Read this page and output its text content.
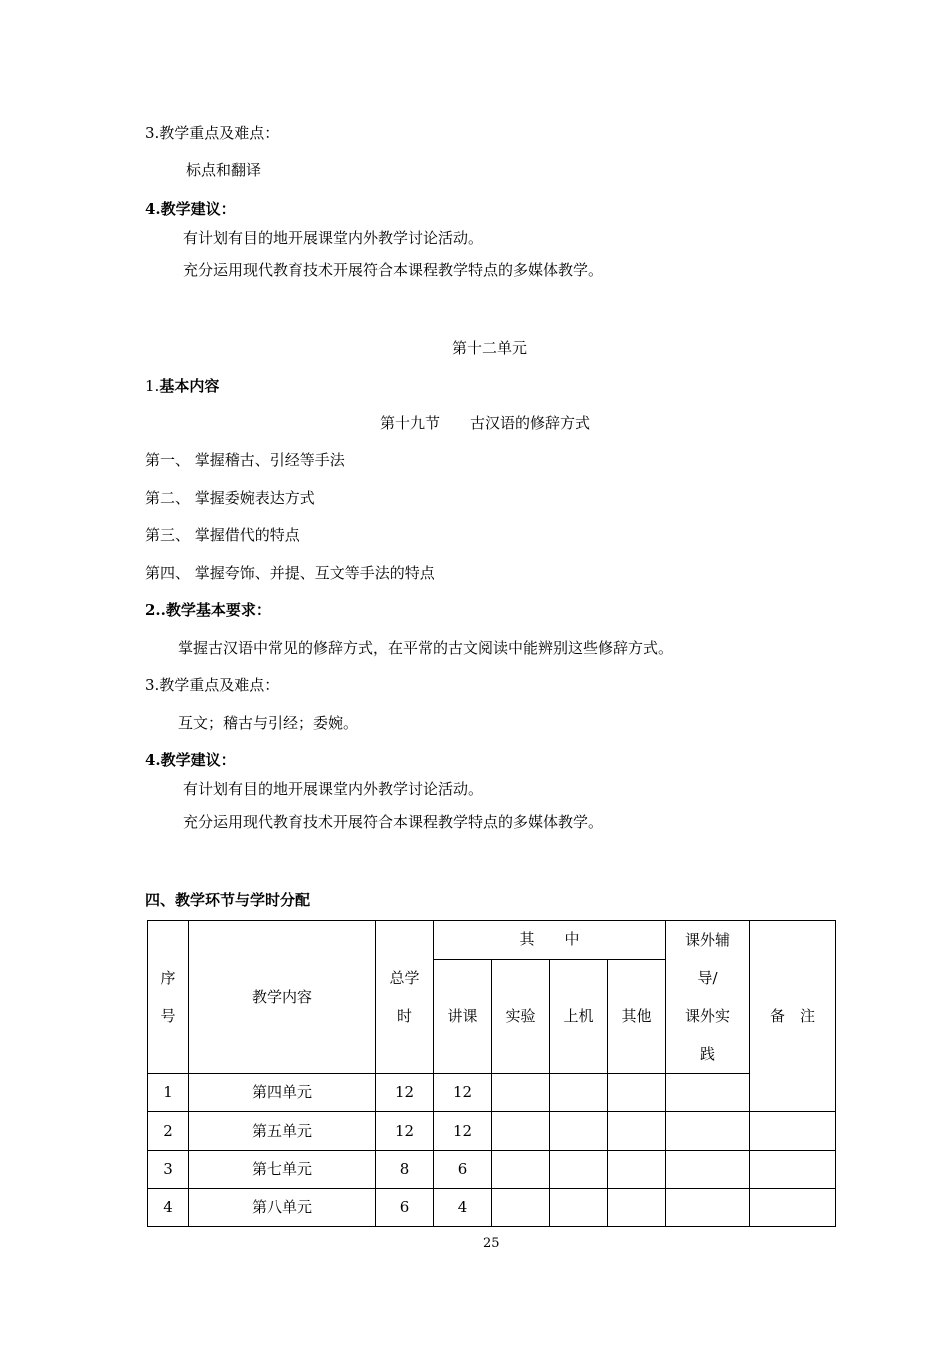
3.教学重点及难点：
标点和翻译
4.教学建议：
有计划有目的地开展课堂内外教学讨论活动。
充分运用现代教育技术开展符合本课程教学特点的多媒体教学。
第十二单元
1.基本内容
第十九节　　古汉语的修辞方式
第一、 掌握稽古、引经等手法
第二、 掌握委婉表达方式
第三、 掌握借代的特点
第四、 掌握夸饰、并提、互文等手法的特点
2..教学基本要求：
掌握古汉语中常见的修辞方式，在平常的古文阅读中能辨别这些修辞方式。
3.教学重点及难点：
互文；稽古与引经；委婉。
4.教学建议：
有计划有目的地开展课堂内外教学讨论活动。
充分运用现代教育技术开展符合本课程教学特点的多媒体教学。
四、教学环节与学时分配
序
号	教学内容	总学
时	其　　中				课外辅
导/
课外实
践	备　注
			讲课	实验	上机	其他		
1	第四单元	12	12					
2	第五单元	12	12					
3	第七单元	8	6					
4	第八单元	6	4					
25
